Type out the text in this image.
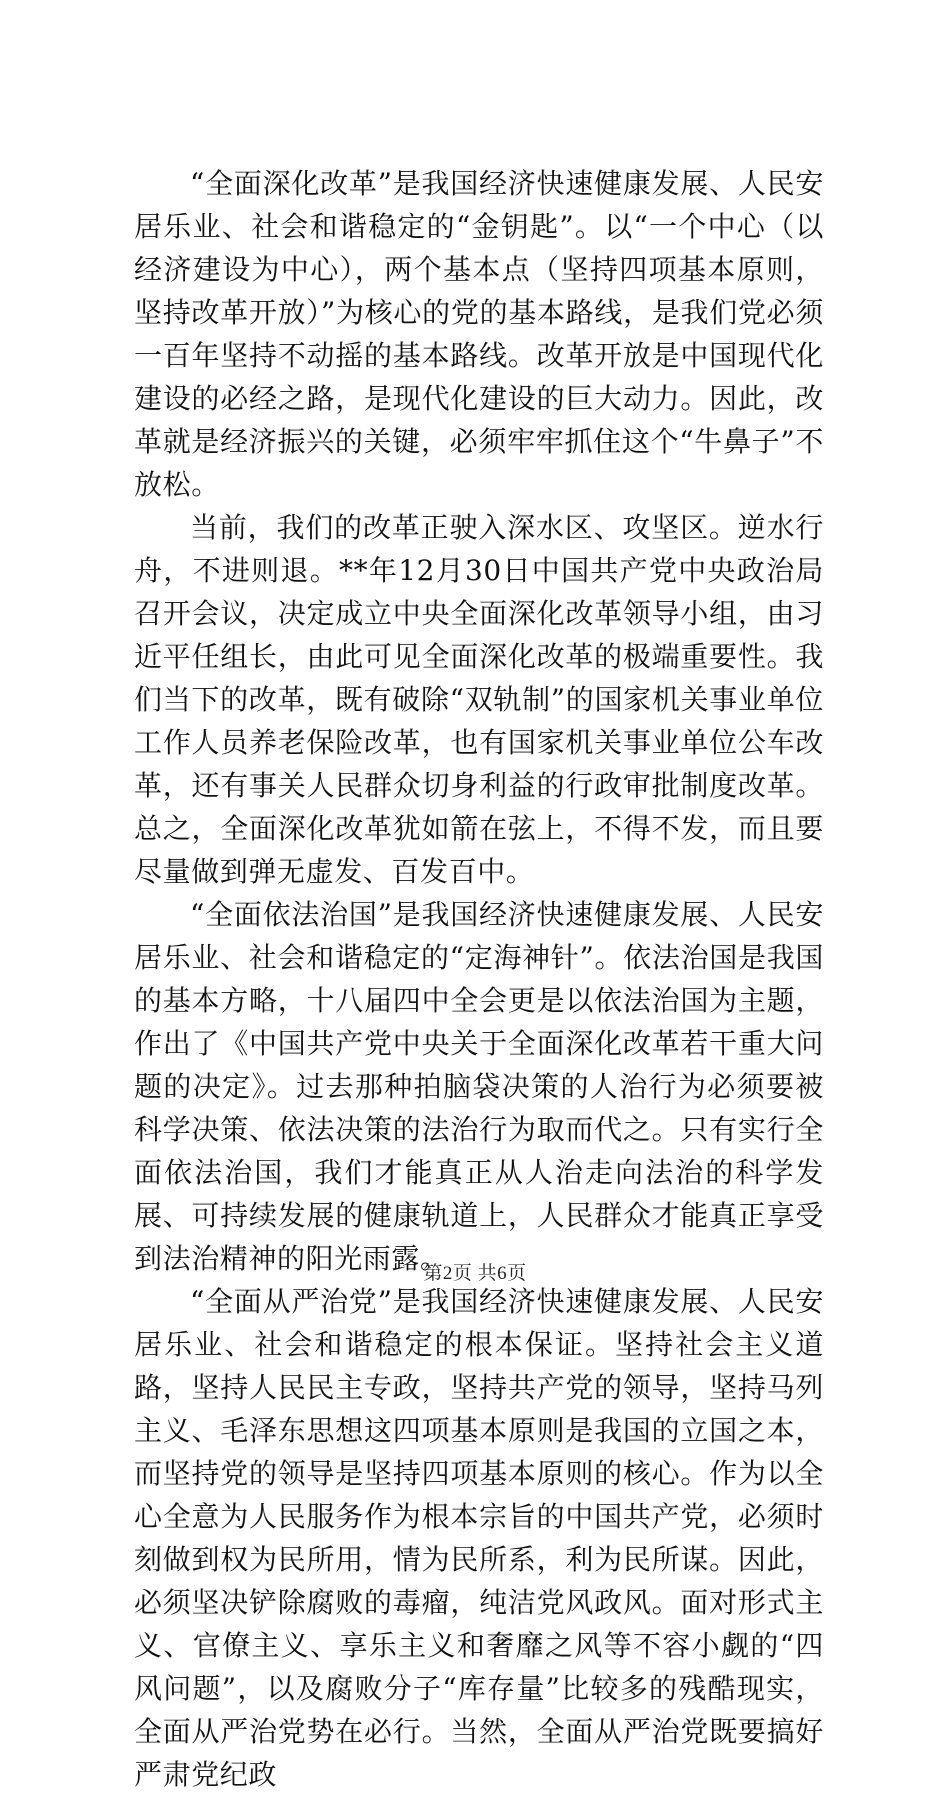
“全面深化改革”是我国经济快速健康发展、人民安居乐业、社会和谐稳定的“金钥匙”。以“一个中心（以经济建设为中心），两个基本点（坚持四项基本原则，坚持改革开放）”为核心的党的基本路线，是我们党必须一百年坚持不动摇的基本路线。改革开放是中国现代化建设的必经之路，是现代化建设的巨大动力。因此，改革就是经济振兴的关键，必须牢牢抓住这个“牛鼻子”不放松。

当前，我们的改革正驶入深水区、攻坚区。逆水行舟，不进则退。**年12月30日中国共产党中央政治局召开会议，决定成立中央全面深化改革领导小组，由习近平任组长，由此可见全面深化改革的极端重要性。我们当下的改革，既有破除“双轨制”的国家机关事业单位工作人员养老保险改革，也有国家机关事业单位公车改革，还有事关人民群众切身利益的行政审批制度改革。总之，全面深化改革犹如箭在弦上，不得不发，而且要尽量做到弹无虚发、百发百中。

“全面依法治国”是我国经济快速健康发展、人民安居乐业、社会和谐稳定的“定海神针”。依法治国是我国的基本方略，十八届四中全会更是以依法治国为主题，作出了《中国共产党中央关于全面深化改革若干重大问题的决定》。过去那种拍脑袋决策的人治行为必须要被科学决策、依法决策的法治行为取而代之。只有实行全面依法治国，我们才能真正从人治走向法治的科学发展、可持续发展的健康轨道上，人民群众才能真正享受到法治精神的阳光雨露。

“全面从严治党”是我国经济快速健康发展、人民安居乐业、社会和谐稳定的根本保证。坚持社会主义道路，坚持人民民主专政，坚持共产党的领导，坚持马列主义、毛泽东思想这四项基本原则是我国的立国之本，而坚持党的领导是坚持四项基本原则的核心。作为以全心全意为人民服务作为根本宗旨的中国共产党，必须时刻做到权为民所用，情为民所系，利为民所谋。因此，必须坚决铲除腐败的毒瘤，纯洁党风政风。面对形式主义、官僚主义、享乐主义和奢靡之风等不容小觑的“四风问题”，以及腐败分子“库存量”比较多的残酷现实，全面从严治党势在必行。当然，全面从严治党既要搞好严肃党纪政

第2页 共6页
